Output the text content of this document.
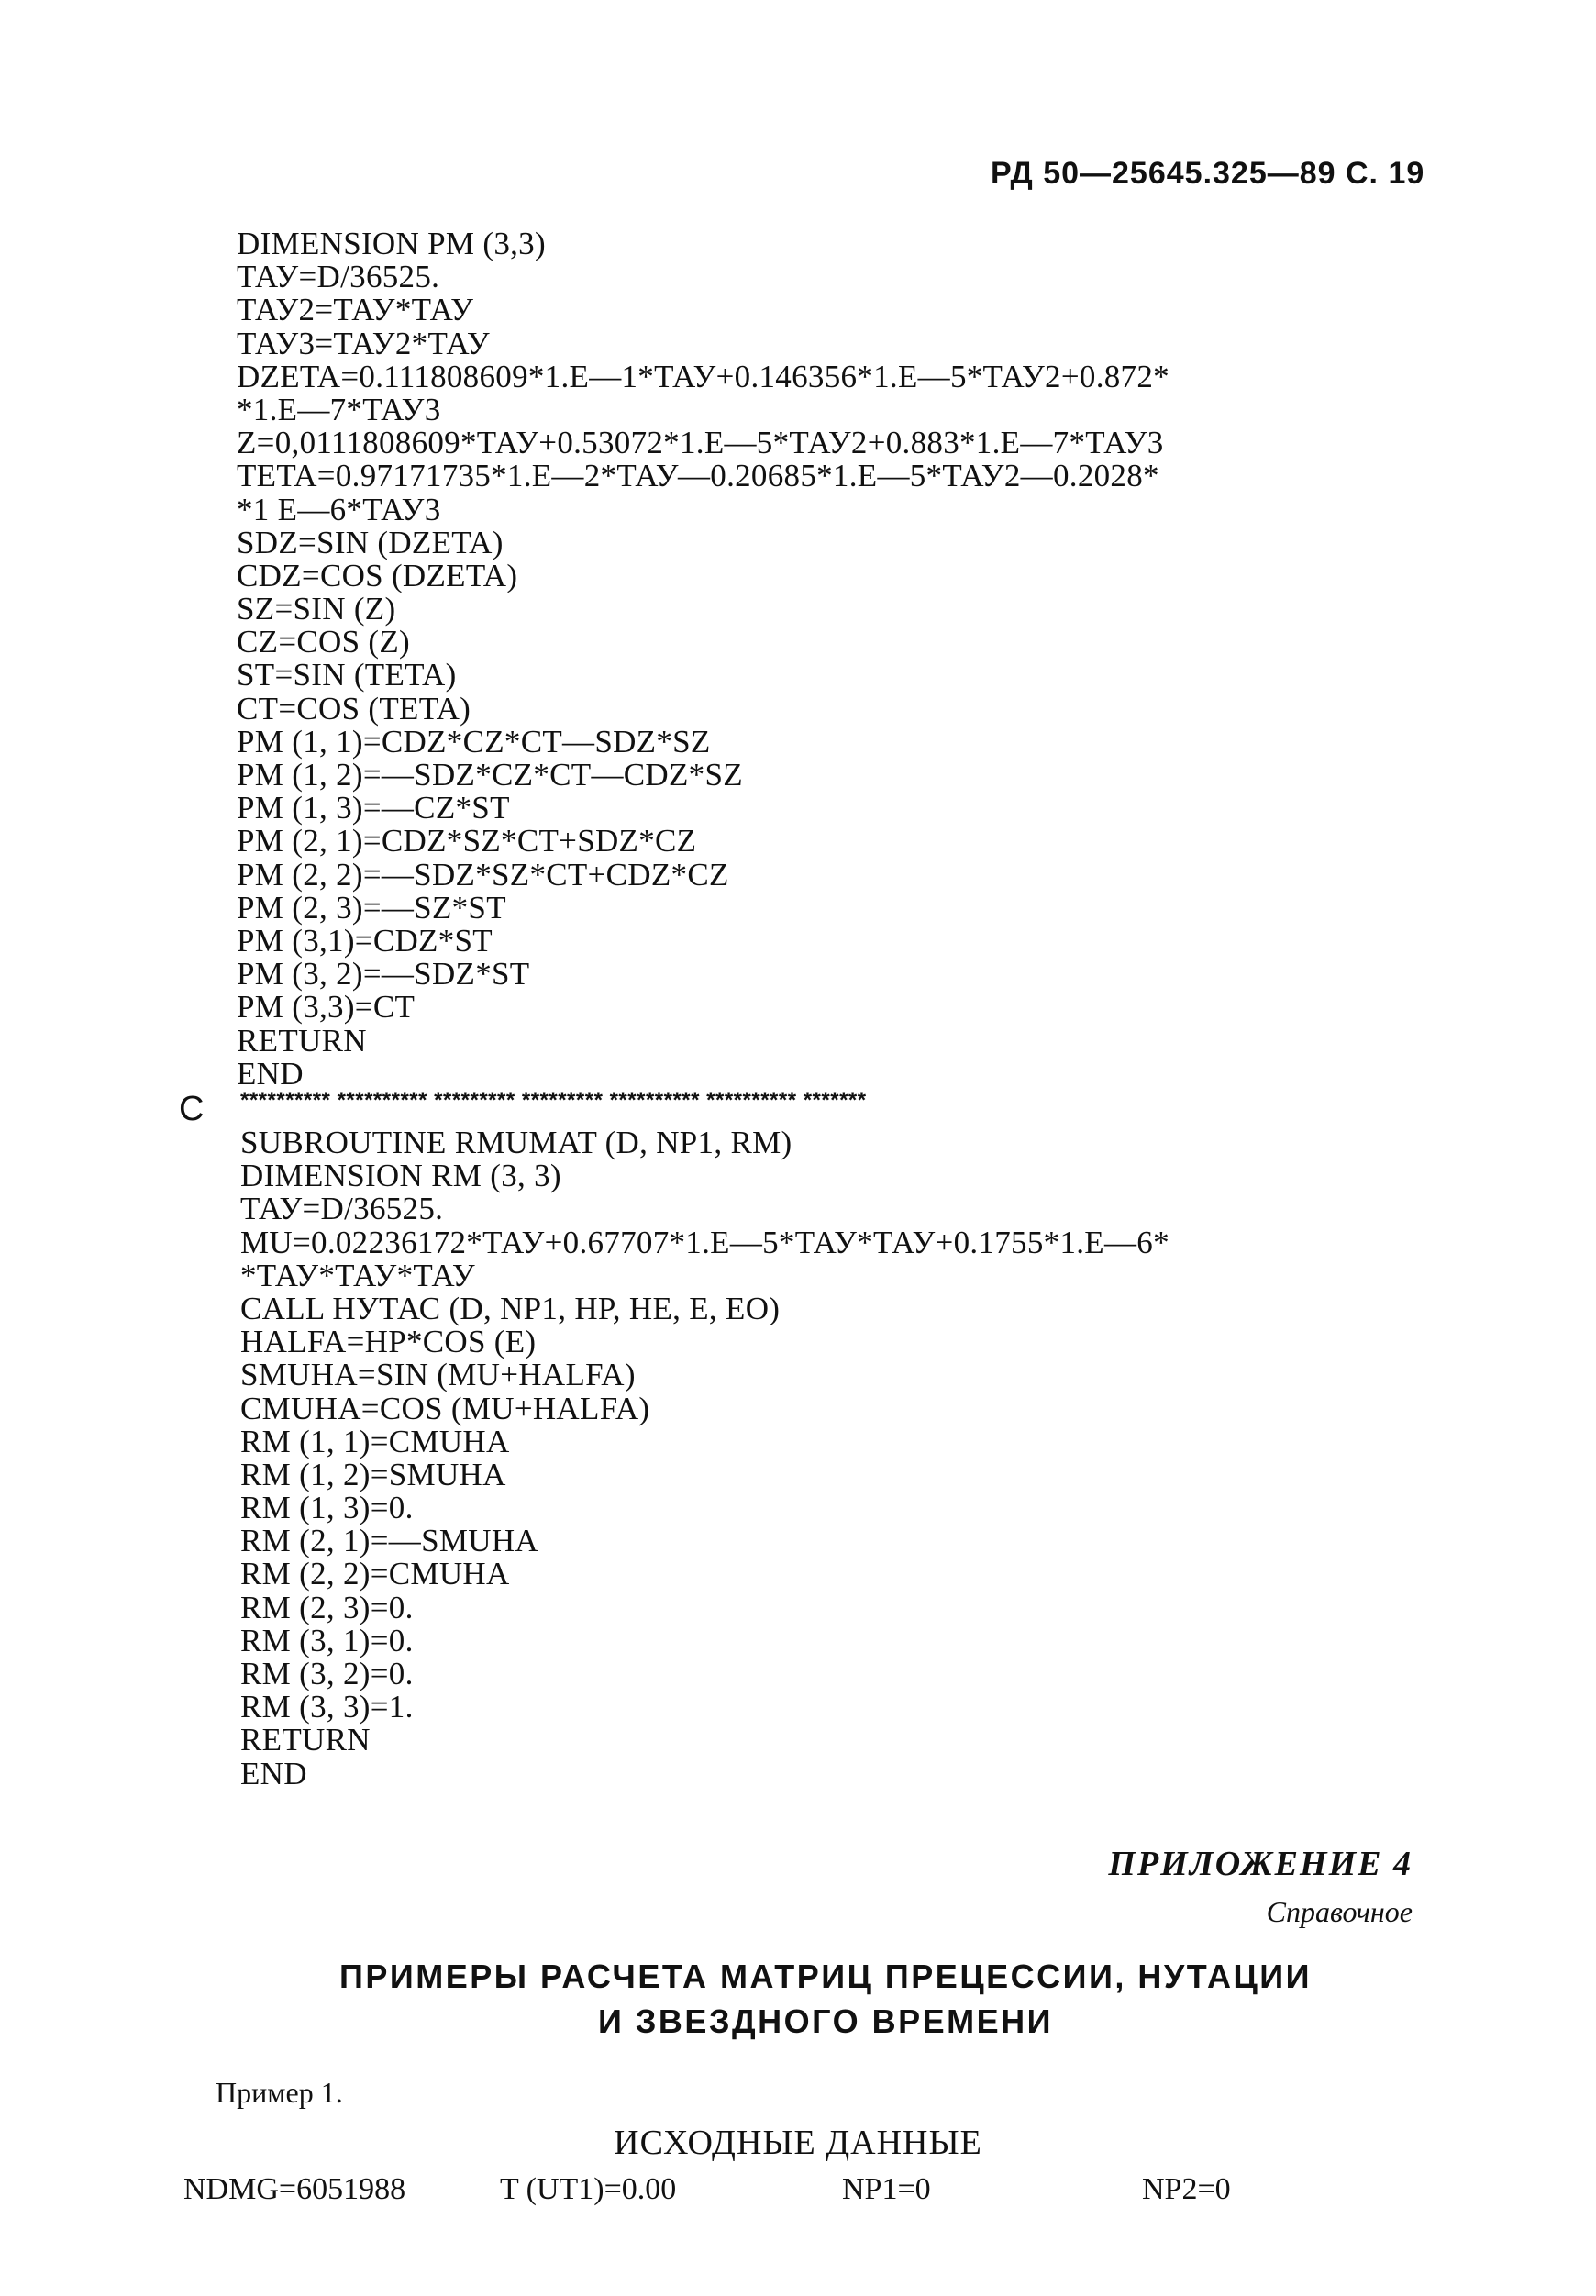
РД 50—25645.325—89 С. 19
DIMENSION PM (3,3)
ТАУ=D/36525.
ТАУ2=ТАУ*ТАУ
ТАУ3=ТАУ2*ТАУ
DZETA=0.111808609*1.E—1*ТАУ+0.146356*1.E—5*ТАУ2+0.872*
*1.E—7*ТАУ3
Z=0,0111808609*ТАУ+0.53072*1.E—5*ТАУ2+0.883*1.E—7*ТАУ3
TETA=0.97171735*1.E—2*ТАУ—0.20685*1.E—5*ТАУ2—0.2028*
*1 E—6*ТАУ3
SDZ=SIN (DZETA)
CDZ=COS (DZETA)
SZ=SIN (Z)
CZ=COS (Z)
ST=SIN (TETA)
CT=COS (TETA)
PM (1, 1)=CDZ*CZ*CT—SDZ*SZ
PM (1, 2)=—SDZ*CZ*CT—CDZ*SZ
PM (1, 3)=—CZ*ST
PM (2, 1)=CDZ*SZ*CT+SDZ*CZ
PM (2, 2)=—SDZ*SZ*CT+CDZ*CZ
PM (2, 3)=—SZ*ST
PM (3,1)=CDZ*ST
PM (3, 2)=—SDZ*ST
PM (3,3)=CT
RETURN
END
C ********** ********** ********* ********* ********** ********** *******
SUBROUTINE RMUMAT (D, NP1, RM)
DIMENSION RM (3, 3)
ТАУ=D/36525.
MU=0.02236172*ТАУ+0.67707*1.E—5*ТАУ*ТАУ+0.1755*1.E—6*
*ТАУ*ТАУ*ТАУ
CALL НУТАС (D, NP1, HP, HE, E, EO)
HALFA=HP*COS (E)
SMUHA=SIN (MU+HALFA)
CMUHA=COS (MU+HALFA)
RM (1, 1)=CMUHA
RM (1, 2)=SMUHA
RM (1, 3)=0.
RM (2, 1)=—SMUHA
RM (2, 2)=CMUHA
RM (2, 3)=0.
RM (3, 1)=0.
RM (3, 2)=0.
RM (3, 3)=1.
RETURN
END
ПРИЛОЖЕНИЕ 4
Справочное
ПРИМЕРЫ РАСЧЕТА МАТРИЦ ПРЕЦЕССИИ, НУТАЦИИ
И ЗВЕЗДНОГО ВРЕМЕНИ
Пример 1.
ИСХОДНЫЕ ДАННЫЕ
NDMG=6051988	T (UT1)=0.00	NP1=0	NP2=0
